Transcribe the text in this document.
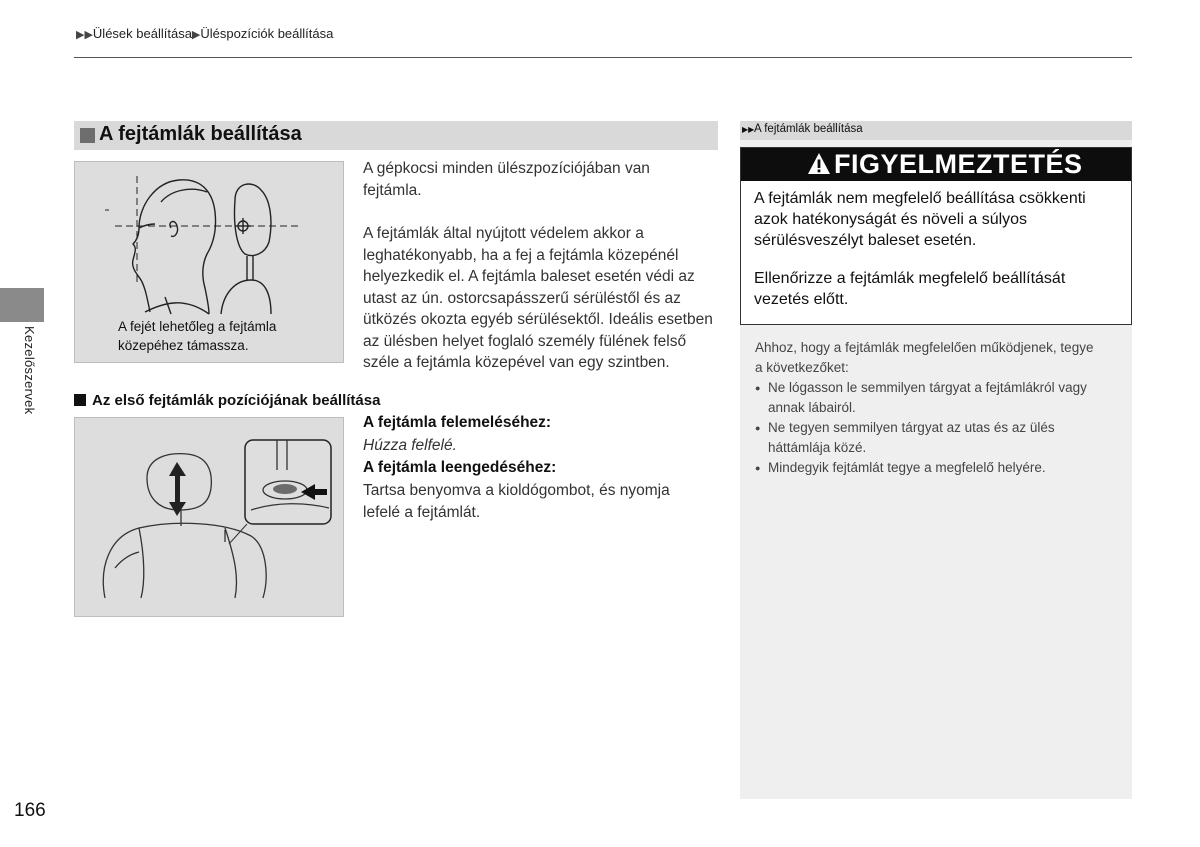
▶▶Ülések beállítása▶Üléspozíciók beállítása
Kezelőszervek
166
A fejtámlák beállítása
A fejét lehetőleg a fejtámla
közepéhez támassza.
A gépkocsi minden ülészpozíciójában van
fejtámla.
A fejtámlák által nyújtott védelem akkor a
leghatékonyabb, ha a fej a fejtámla közepénél
helyezkedik el. A fejtámla baleset esetén védi az
utast az ún. ostorcsapásszerű sérüléstől és az
ütközés okozta egyéb sérülésektől. Ideális esetben
az ülésben helyet foglaló személy fülének felső
széle a fejtámla közepével van egy szintben.
Az első fejtámlák pozíciójának beállítása
A fejtámla felemeléséhez:
Húzza felfelé.
A fejtámla leengedéséhez:
Tartsa benyomva a kioldógombot, és nyomja
lefelé a fejtámlát.
▶▶ A fejtámlák beállítása
FIGYELMEZTETÉS
A fejtámlák nem megfelelő beállítása csökkenti
azok hatékonyságát és növeli a súlyos
sérülésveszélyt baleset esetén.
Ellenőrizze a fejtámlák megfelelő beállítását
vezetés előtt.
Ahhoz, hogy a fejtámlák megfelelően működjenek, tegye
a következőket:
● Ne lógasson le semmilyen tárgyat a fejtámlákról vagy
annak lábairól.
● Ne tegyen semmilyen tárgyat az utas és az ülés
háttámlája közé.
● Mindegyik fejtámlát tegye a megfelelő helyére.
